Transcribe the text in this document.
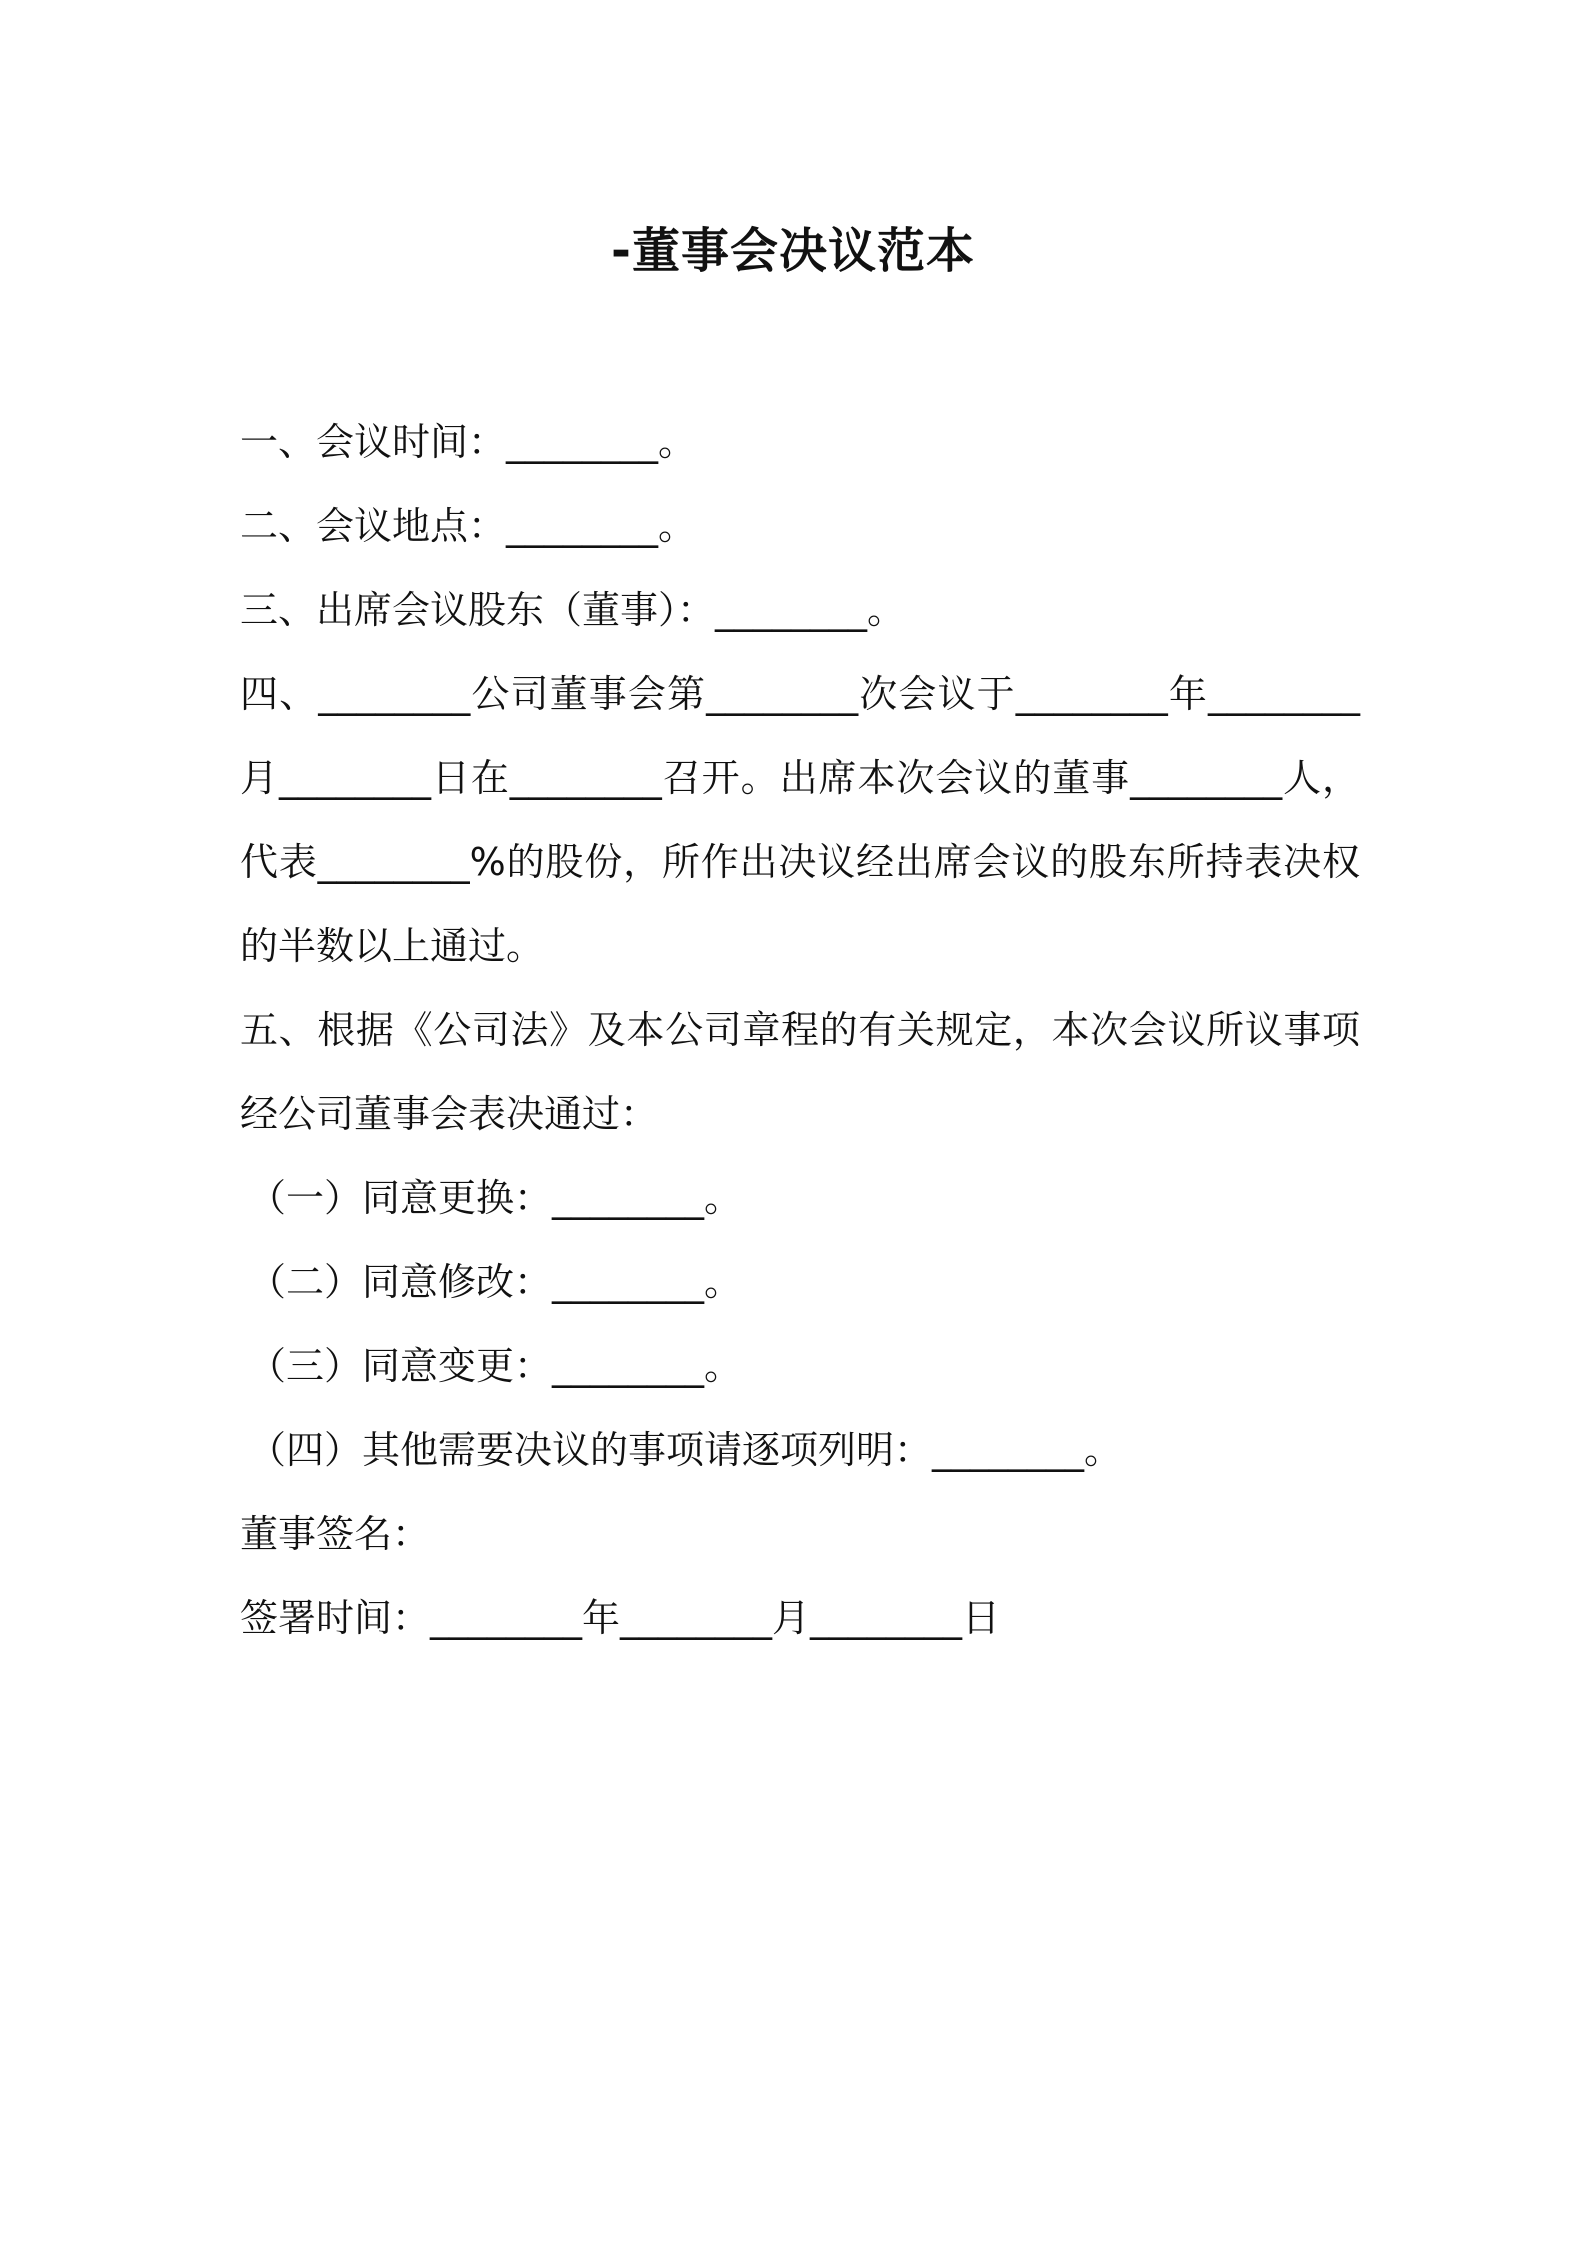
-董事会决议范本

一、会议时间：________。

二、会议地点：________。

三、出席会议股东（董事）：________。

四、________公司董事会第________次会议于________年________月________日在________召开。出席本次会议的董事________人，代表________%的股份，所作出决议经出席会议的股东所持表决权的半数以上通过。

五、根据《公司法》及本公司章程的有关规定，本次会议所议事项经公司董事会表决通过：

（一）同意更换：________。

（二）同意修改：________。

（三）同意变更：________。

（四）其他需要决议的事项请逐项列明：________。

董事签名：

签署时间：________年________月________日
